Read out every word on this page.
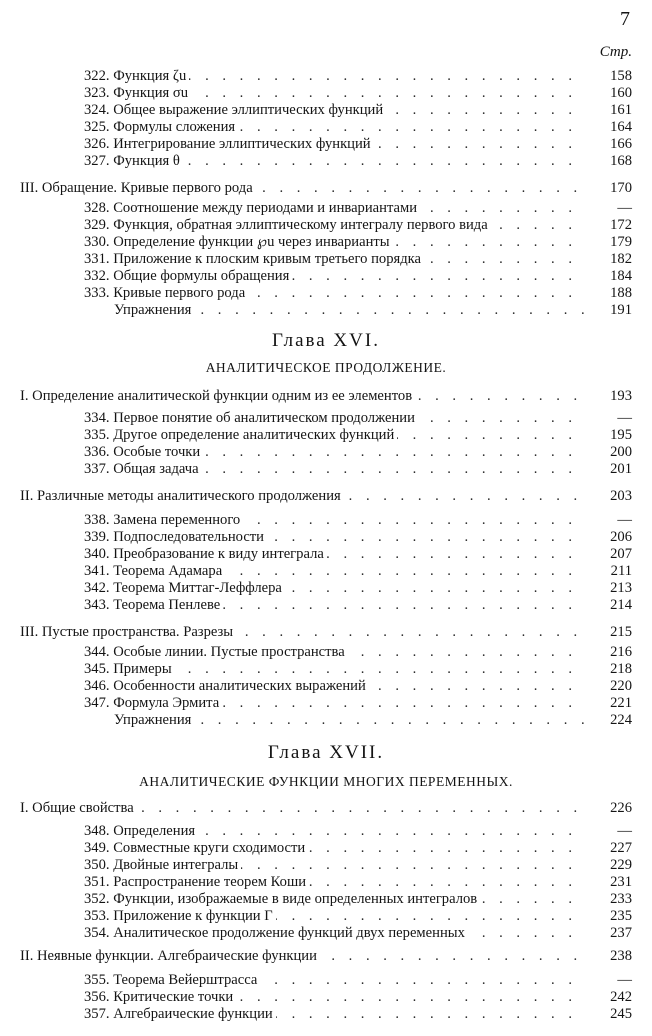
7
Стр.
. . .
322. Функция ζu	158
. . .
323. Функция σu	160
. . .
324. Общее выражение эллиптических функций	161
. . .
325. Формулы сложения	164
. . .
326. Интегрирование эллиптических функций	166
. . .
327. Функция θ	168
. . .
III. Обращение. Кривые первого рода	170
. . .
328. Соотношение между периодами и инвариантами	—
. . .
329. Функция, обратная эллиптическому интегралу первого вида	172
. . .
330. Определение функции ℘u через инварианты	179
. . .
331. Приложение к плоским кривым третьего порядка	182
. . .
332. Общие формулы обращения	184
. . .
333. Кривые первого рода	188
. . .
Упражнения	191
Глава XVI.
АНАЛИТИЧЕСКОЕ ПРОДОЛЖЕНИЕ.
. . .
I. Определение аналитической функции одним из ее элементов	193
. . .
334. Первое понятие об аналитическом продолжении	—
. . .
335. Другое определение аналитических функций	195
. . .
336. Особые точки	200
. . .
337. Общая задача	201
. . .
II. Различные методы аналитического продолжения	203
. . .
338. Замена переменного	—
. . .
339. Подпоследовательности	206
. . .
340. Преобразование к виду интеграла	207
. . .
341. Теорема Адамара	211
. . .
342. Теорема Миттаг-Леффлера	213
. . .
343. Теорема Пенлеве	214
. . .
III. Пустые пространства. Разрезы	215
. . .
344. Особые линии. Пустые пространства	216
. . .
345. Примеры	218
. . .
346. Особенности аналитических выражений	220
. . .
347. Формула Эрмита	221
. . .
Упражнения	224
Глава XVII.
АНАЛИТИЧЕСКИЕ ФУНКЦИИ МНОГИХ ПЕРЕМЕННЫХ.
. . .
I. Общие свойства	226
. . .
348. Определения	—
. . .
349. Совместные круги сходимости	227
. . .
350. Двойные интегралы	229
. . .
351. Распространение теорем Коши	231
. . .
352. Функции, изображаемые в виде определенных интегралов	233
. . .
353. Приложение к функции Γ	235
. . .
354. Аналитическое продолжение функций двух переменных	237
. . .
II. Неявные функции. Алгебраические функции	238
. . .
355. Теорема Вейерштрасса	—
. . .
356. Критические точки	242
. . .
357. Алгебраические функции	245
